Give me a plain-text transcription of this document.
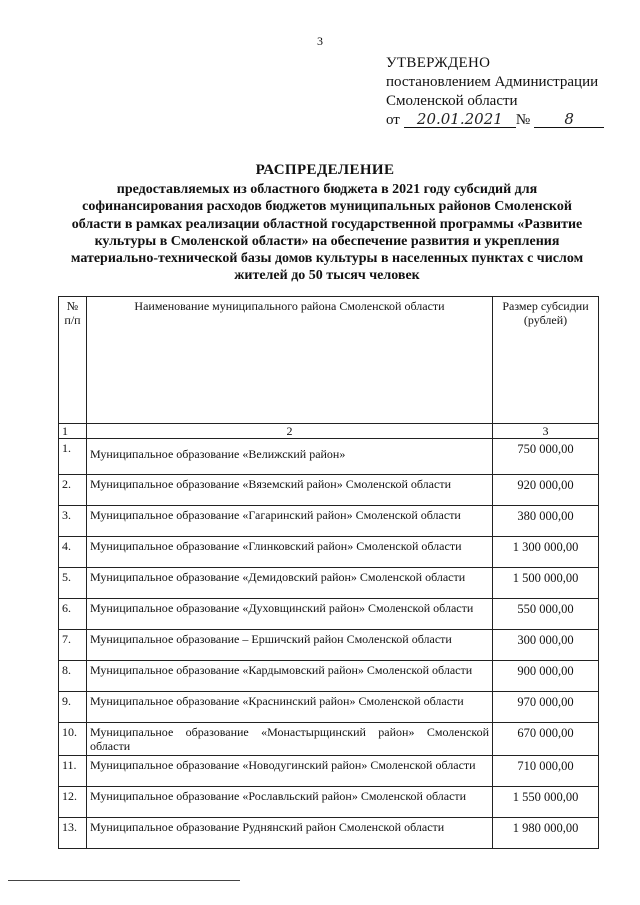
3
УТВЕРЖДЕНО
постановлением Администрации
Смоленской области
от 20.01.2021 № 8
РАСПРЕДЕЛЕНИЕ
предоставляемых из областного бюджета в 2021 году субсидий для софинансирования расходов бюджетов муниципальных районов Смоленской области в рамках реализации областной государственной программы «Развитие культуры в Смоленской области» на обеспечение развития и укрепления материально-технической базы домов культуры в населенных пунктах с числом жителей до 50 тысяч человек
№ п/п	Наименование муниципального района Смоленской области	Размер субсидии (рублей)
1	2	3
1.	Муниципальное образование «Велижский район»	750 000,00
2.	Муниципальное образование «Вяземский район» Смоленской области	920 000,00
3.	Муниципальное образование «Гагаринский район» Смоленской области	380 000,00
4.	Муниципальное образование «Глинковский район» Смоленской области	1 300 000,00
5.	Муниципальное образование «Демидовский район» Смоленской области	1 500 000,00
6.	Муниципальное образование «Духовщинский район» Смоленской области	550 000,00
7.	Муниципальное образование – Ершичский район Смоленской области	300 000,00
8.	Муниципальное образование «Кардымовский район» Смоленской области	900 000,00
9.	Муниципальное образование «Краснинский район» Смоленской области	970 000,00
10.	Муниципальное образование «Монастырщинский район» Смоленской области	670 000,00
11.	Муниципальное образование «Новодугинский район» Смоленской области	710 000,00
12.	Муниципальное образование «Рославльский район» Смоленской области	1 550 000,00
13.	Муниципальное образование Руднянский район Смоленской области	1 980 000,00
